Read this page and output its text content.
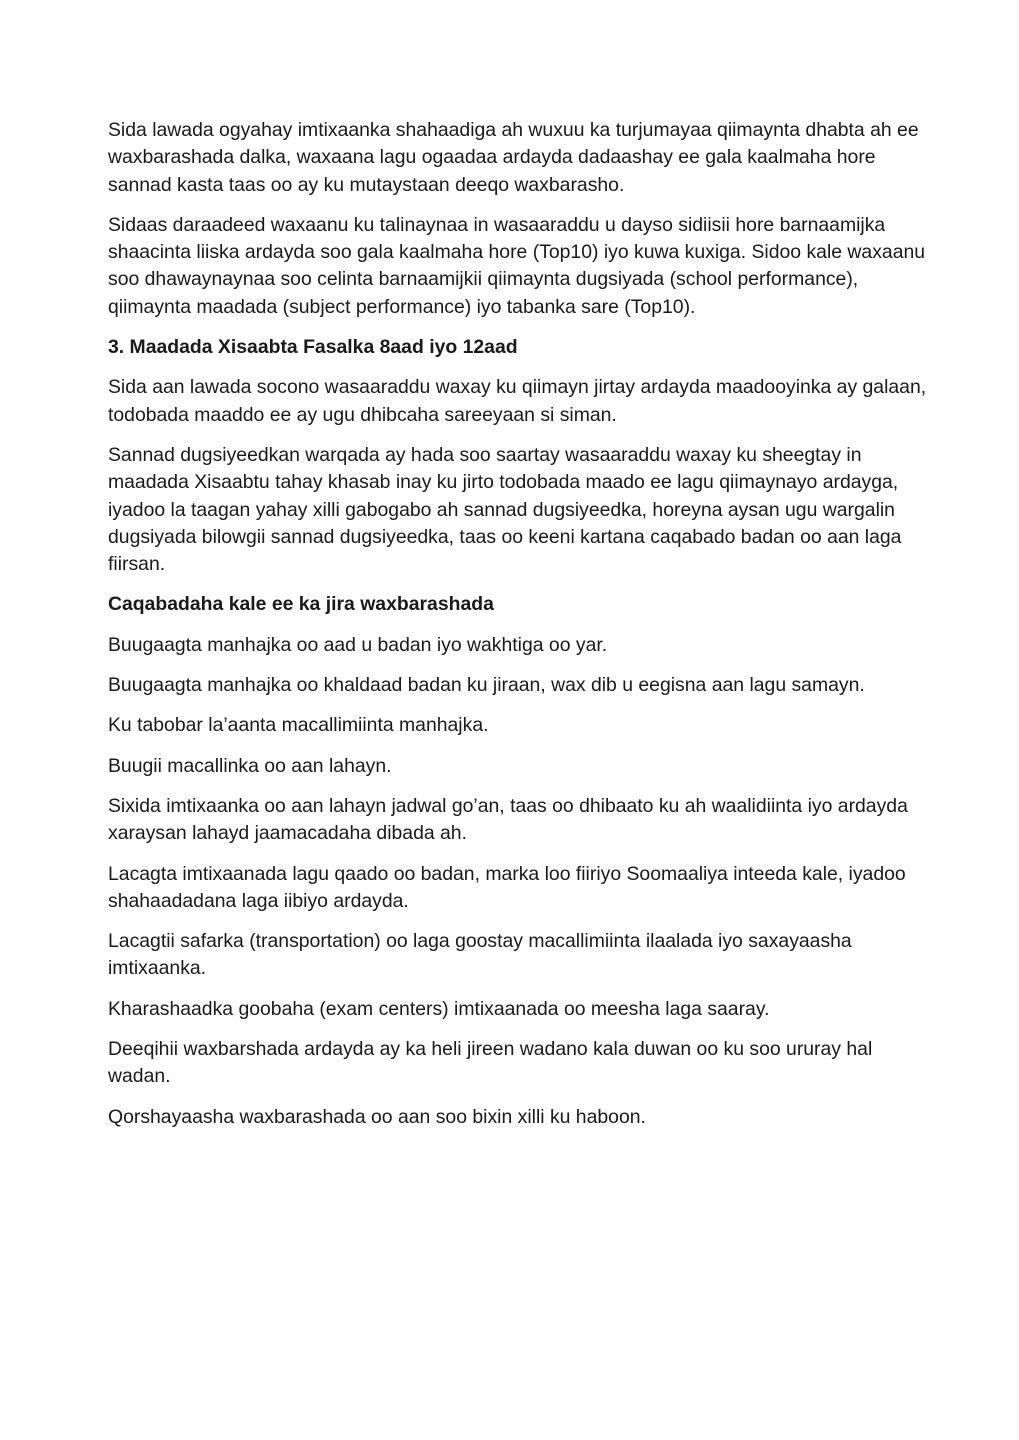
Sida lawada ogyahay imtixaanka shahaadiga ah wuxuu ka turjumayaa qiimaynta dhabta ah ee waxbarashada dalka, waxaana lagu ogaadaa ardayda dadaashay ee gala kaalmaha hore sannad kasta taas oo ay ku mutaystaan deeqo waxbarasho.

Sidaas daraadeed waxaanu ku talinaynaa in wasaaraddu u dayso sidiisii hore barnaamijka shaacinta liiska ardayda soo gala kaalmaha hore (Top10) iyo kuwa kuxiga. Sidoo kale waxaanu soo dhawaynaynaa soo celinta barnaamijkii qiimaynta dugsiyada (school performance), qiimaynta maadada (subject performance) iyo tabanka sare (Top10).

3. Maadada Xisaabta Fasalka 8aad iyo 12aad

Sida aan lawada socono wasaaraddu waxay ku qiimayn jirtay ardayda maadooyinka ay galaan, todobada maaddo ee ay ugu dhibcaha sareeyaan si siman.

Sannad dugsiyeedkan warqada ay hada soo saartay wasaaraddu waxay ku sheegtay in maadada Xisaabtu tahay khasab inay ku jirto todobada maado ee lagu qiimaynayo ardayga, iyadoo la taagan yahay xilli gabogabo ah sannad dugsiyeedka, horeyna aysan ugu wargalin dugsiyada bilowgii sannad dugsiyeedka, taas oo keeni kartana caqabado badan oo aan laga fiirsan.

Caqabadaha kale ee ka jira waxbarashada

Buugaagta manhajka oo aad u badan iyo wakhtiga oo yar.

Buugaagta manhajka oo khaldaad badan ku jiraan, wax dib u eegisna aan lagu samayn.

Ku tabobar la’aanta macallimiinta manhajka.

Buugii macallinka oo aan lahayn.

Sixida imtixaanka oo aan lahayn jadwal go’an, taas oo dhibaato ku ah waalidiinta iyo ardayda xaraysan lahayd jaamacadaha dibada ah.

Lacagta imtixaanada lagu qaado oo badan, marka loo fiiriyo Soomaaliya inteeda kale, iyadoo shahaadadana laga iibiyo ardayda.

Lacagtii safarka (transportation) oo laga goostay macallimiinta ilaalada iyo saxayaasha imtixaanka.

Kharashaadka goobaha (exam centers) imtixaanada oo meesha laga saaray.

Deeqihii waxbarshada ardayda ay ka heli jireen wadano kala duwan oo ku soo ururay hal wadan.

Qorshayaasha waxbarashada oo aan soo bixin xilli ku haboon.
